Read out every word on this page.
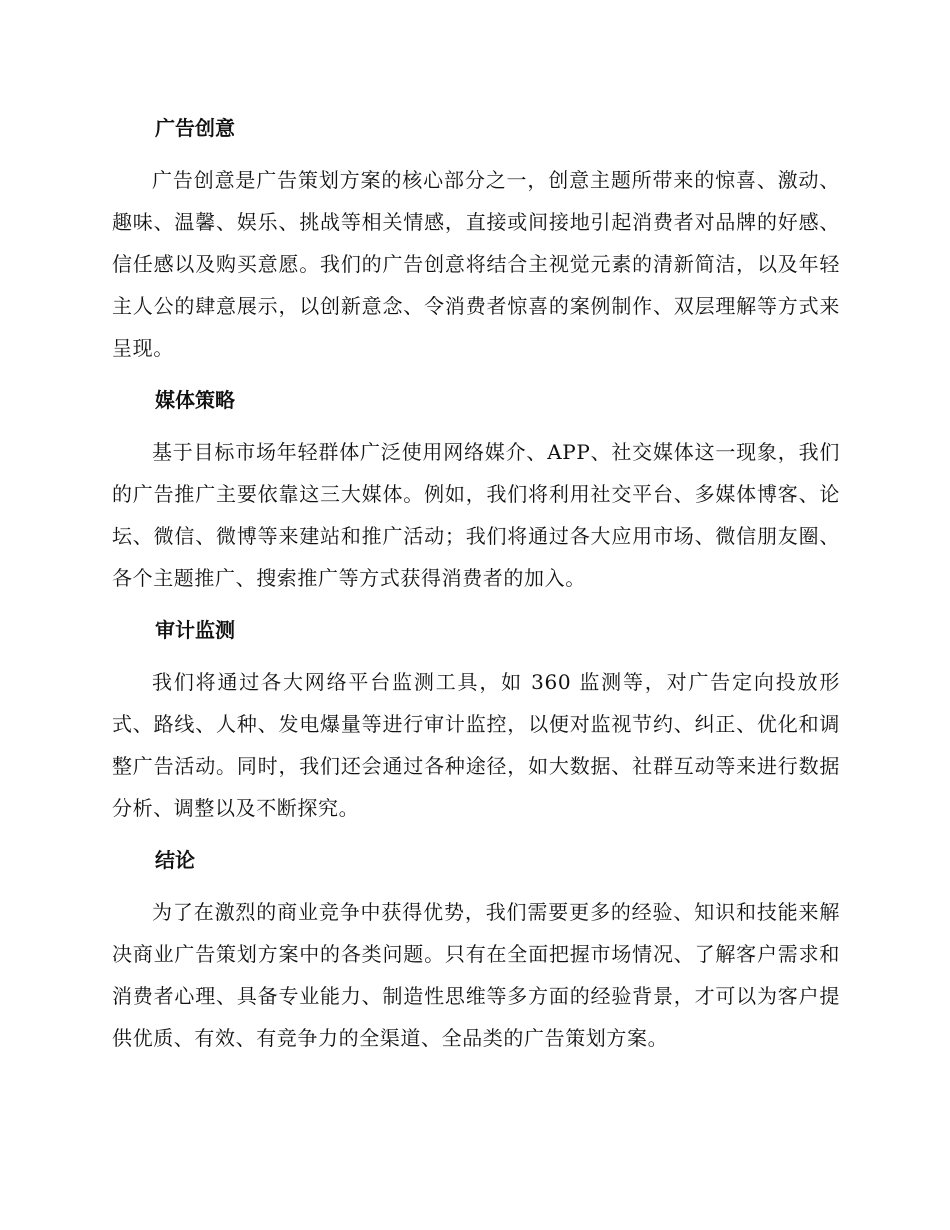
广告创意

广告创意是广告策划方案的核心部分之一，创意主题所带来的惊喜、激动、趣味、温馨、娱乐、挑战等相关情感，直接或间接地引起消费者对品牌的好感、信任感以及购买意愿。我们的广告创意将结合主视觉元素的清新简洁，以及年轻主人公的肆意展示，以创新意念、令消费者惊喜的案例制作、双层理解等方式来呈现。

媒体策略

基于目标市场年轻群体广泛使用网络媒介、APP、社交媒体这一现象，我们的广告推广主要依靠这三大媒体。例如，我们将利用社交平台、多媒体博客、论坛、微信、微博等来建站和推广活动；我们将通过各大应用市场、微信朋友圈、各个主题推广、搜索推广等方式获得消费者的加入。

审计监测

我们将通过各大网络平台监测工具，如 360 监测等，对广告定向投放形式、路线、人种、发电爆量等进行审计监控，以便对监视节约、纠正、优化和调整广告活动。同时，我们还会通过各种途径，如大数据、社群互动等来进行数据分析、调整以及不断探究。

结论

为了在激烈的商业竞争中获得优势，我们需要更多的经验、知识和技能来解决商业广告策划方案中的各类问题。只有在全面把握市场情况、了解客户需求和消费者心理、具备专业能力、制造性思维等多方面的经验背景，才可以为客户提供优质、有效、有竞争力的全渠道、全品类的广告策划方案。
